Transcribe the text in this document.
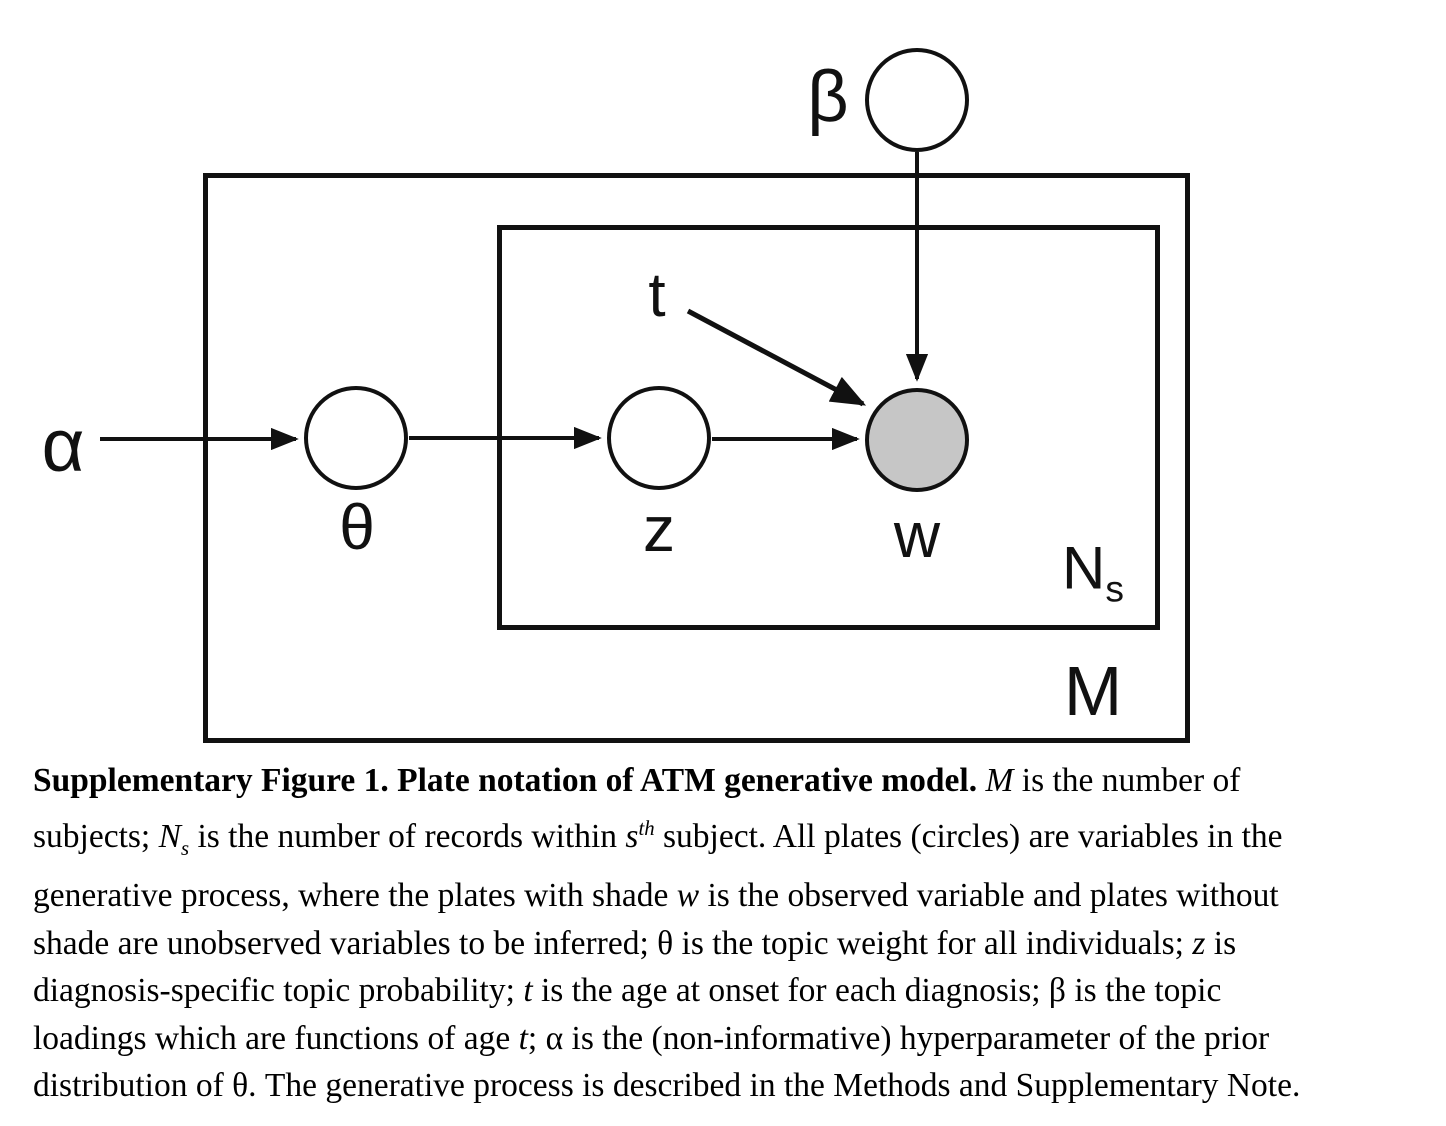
α
β
θ	z	w
t
$N_s$
M
Supplementary Figure 1. Plate notation of ATM generative model. M is the number of
subjects; $N_s$ is the number of records within $s^{th}$ subject. All plates (circles) are variables in the
generative process, where the plates with shade w is the observed variable and plates without
shade are unobserved variables to be inferred; θ is the topic weight for all individuals; z is
diagnosis-specific topic probability; t is the age at onset for each diagnosis; β is the topic
loadings which are functions of age t; α is the (non-informative) hyperparameter of the prior
distribution of θ. The generative process is described in the Methods and Supplementary Note.
